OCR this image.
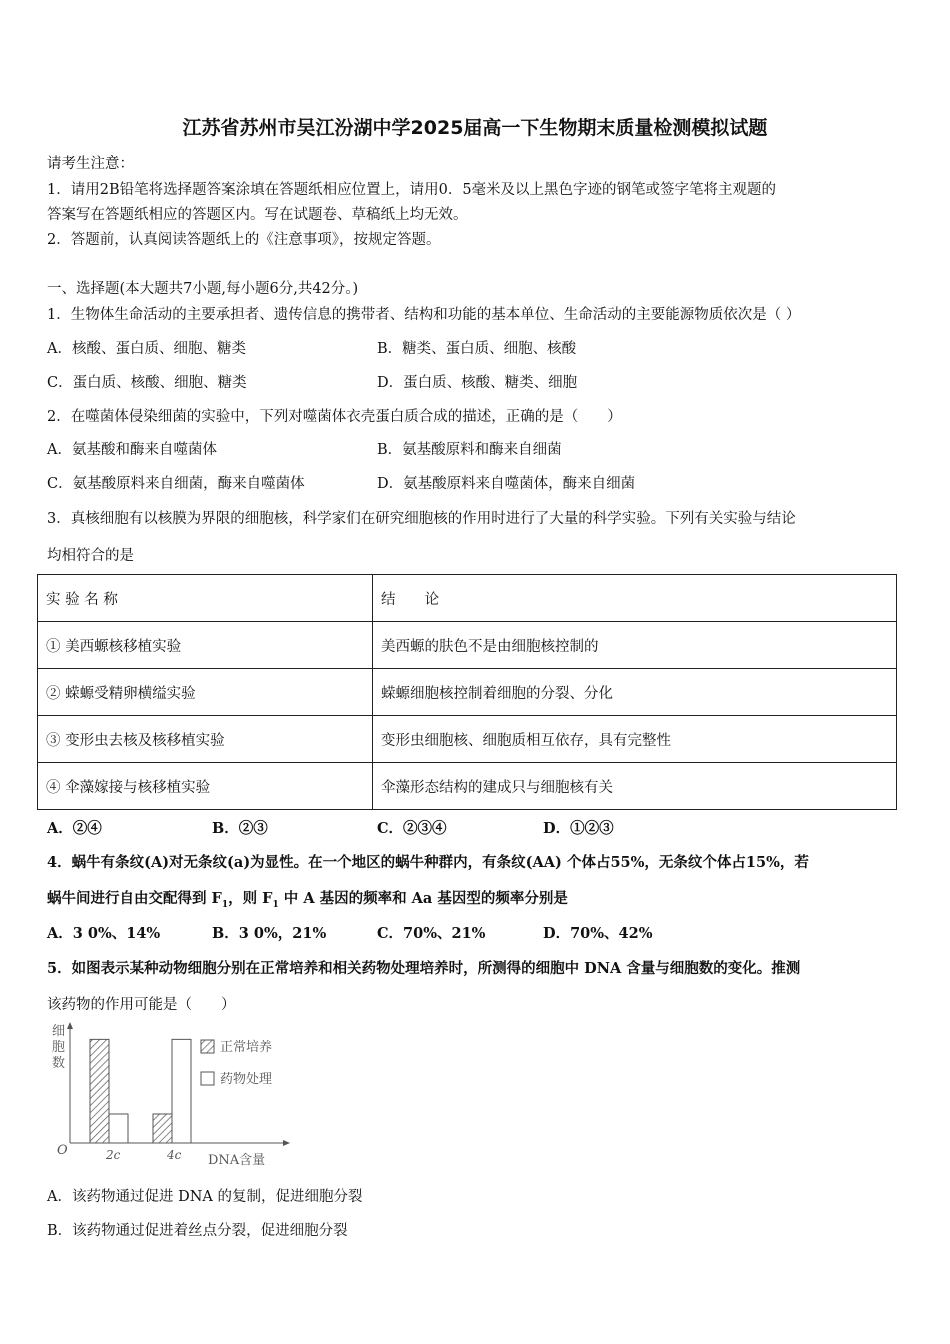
江苏省苏州市吴江汾湖中学2025届高一下生物期末质量检测模拟试题
请考生注意：
1．请用2B铅笔将选择题答案涂填在答题纸相应位置上，请用0．5毫米及以上黑色字迹的钢笔或签字笔将主观题的
答案写在答题纸相应的答题区内。写在试题卷、草稿纸上均无效。
2．答题前，认真阅读答题纸上的《注意事项》，按规定答题。
一、选择题(本大题共7小题,每小题6分,共42分。)
1．生物体生命活动的主要承担者、遗传信息的携带者、结构和功能的基本单位、生命活动的主要能源物质依次是（ ）
A．核酸、蛋白质、细胞、糖类	B．糖类、蛋白质、细胞、核酸
C．蛋白质、核酸、细胞、糖类	D．蛋白质、核酸、糖类、细胞
2．在噬菌体侵染细菌的实验中，下列对噬菌体衣壳蛋白质合成的描述，正确的是（　　）
A．氨基酸和酶来自噬菌体	B．氨基酸原料和酶来自细菌
C．氨基酸原料来自细菌，酶来自噬菌体	D．氨基酸原料来自噬菌体，酶来自细菌
3．真核细胞有以核膜为界限的细胞核，科学家们在研究细胞核的作用时进行了大量的科学实验。下列有关实验与结论
均相符合的是
实 验 名 称	结　　论
① 美西螈核移植实验	美西螈的肤色不是由细胞核控制的
② 蝾螈受精卵横缢实验	蝾螈细胞核控制着细胞的分裂、分化
③ 变形虫去核及核移植实验	变形虫细胞核、细胞质相互依存，具有完整性
④ 伞藻嫁接与核移植实验	伞藻形态结构的建成只与细胞核有关
A．②④	B．②③	C．②③④	D．①②③
4．蜗牛有条纹(A)对无条纹(a)为显性。在一个地区的蜗牛种群内，有条纹(AA) 个体占55%，无条纹个体占15%，若
蜗牛间进行自由交配得到 $F_1$，则 $F_1$ 中 A 基因的频率和 Aa 基因型的频率分别是
A．3 0%、14%	B．3 0%，21%	C．70%、21%	D．70%、42%
5．如图表示某种动物细胞分别在正常培养和相关药物处理培养时，所测得的细胞中 DNA 含量与细胞数的变化。推测
该药物的作用可能是（　　）
细
胞
数
O	2c	4c DNA含量
正常培养
药物处理
A．该药物通过促进 DNA 的复制，促进细胞分裂
B．该药物通过促进着丝点分裂，促进细胞分裂
